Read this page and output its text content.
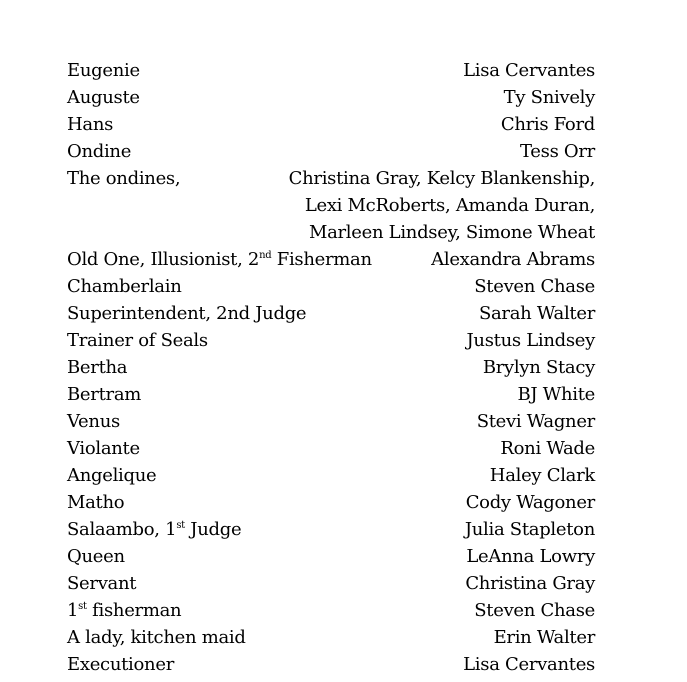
Eugenie	Lisa Cervantes
Auguste	Ty Snively
Hans	Chris Ford
Ondine	Tess Orr
The ondines,	Christina Gray, Kelcy Blankenship,
Lexi McRoberts, Amanda Duran,
Marleen Lindsey, Simone Wheat
Old One, Illusionist, 2nd Fisherman	Alexandra Abrams
Chamberlain	Steven Chase
Superintendent, 2nd Judge	Sarah Walter
Trainer of Seals	Justus Lindsey
Bertha	Brylyn Stacy
Bertram	BJ White
Venus	Stevi Wagner
Violante	Roni Wade
Angelique	Haley Clark
Matho	Cody Wagoner
Salaambo, 1st Judge	Julia Stapleton
Queen	LeAnna Lowry
Servant	Christina Gray
1st fisherman	Steven Chase
A lady, kitchen maid	Erin Walter
Executioner	Lisa Cervantes
